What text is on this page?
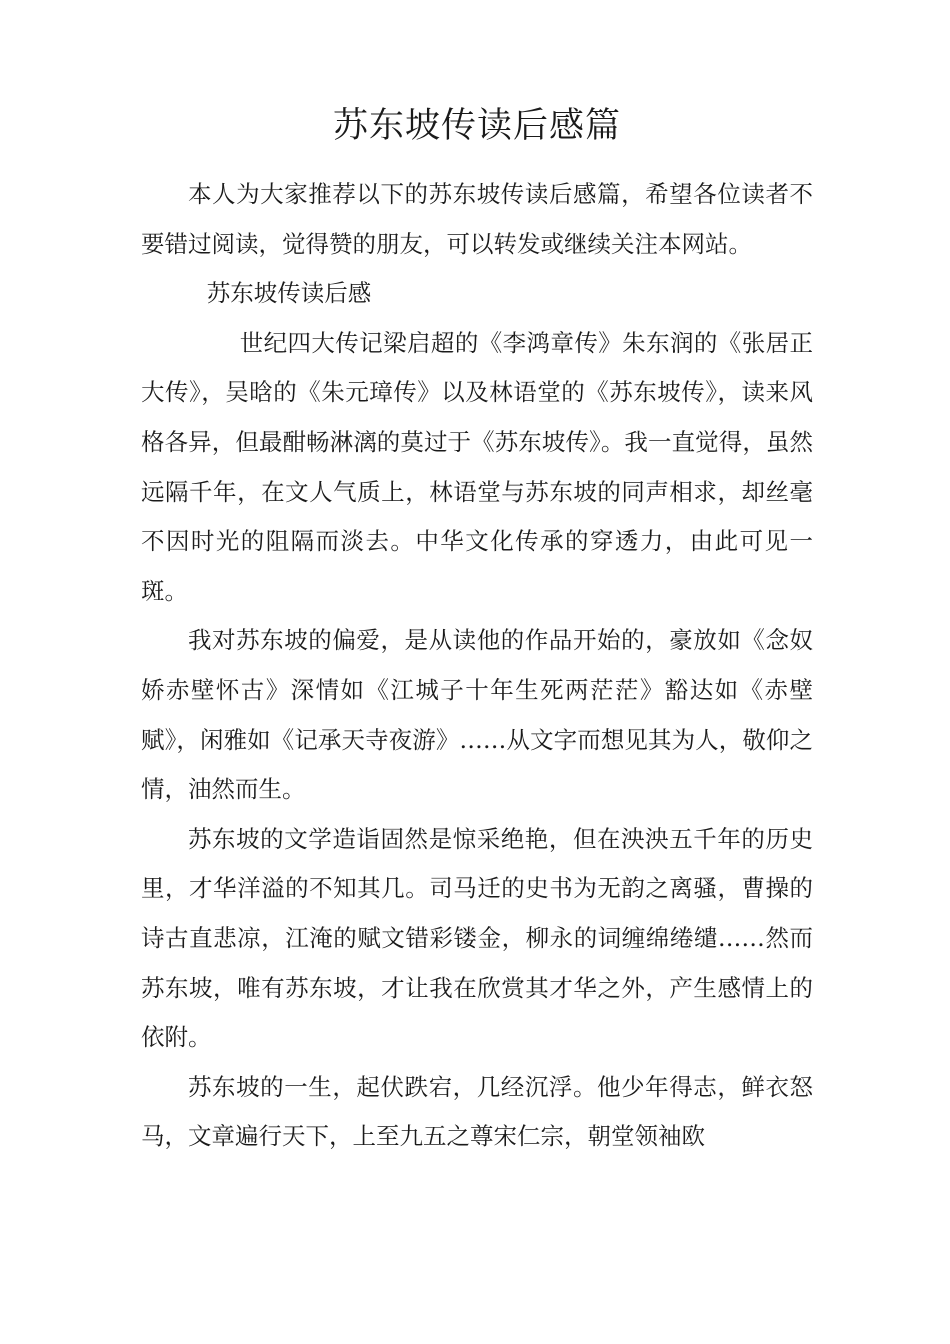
苏东坡传读后感篇

本人为大家推荐以下的苏东坡传读后感篇，希望各位读者不要错过阅读，觉得赞的朋友，可以转发或继续关注本网站。

苏东坡传读后感

世纪四大传记梁启超的《李鸿章传》朱东润的《张居正大传》，吴晗的《朱元璋传》以及林语堂的《苏东坡传》，读来风格各异，但最酣畅淋漓的莫过于《苏东坡传》。我一直觉得，虽然远隔千年，在文人气质上，林语堂与苏东坡的同声相求，却丝毫不因时光的阻隔而淡去。中华文化传承的穿透力，由此可见一斑。

我对苏东坡的偏爱，是从读他的作品开始的，豪放如《念奴娇赤壁怀古》深情如《江城子十年生死两茫茫》豁达如《赤壁赋》，闲雅如《记承天寺夜游》……从文字而想见其为人，敬仰之情，油然而生。

苏东坡的文学造诣固然是惊采绝艳，但在泱泱五千年的历史里，才华洋溢的不知其几。司马迁的史书为无韵之离骚，曹操的诗古直悲凉，江淹的赋文错彩镂金，柳永的词缠绵绻缱……然而苏东坡，唯有苏东坡，才让我在欣赏其才华之外，产生感情上的依附。

苏东坡的一生，起伏跌宕，几经沉浮。他少年得志，鲜衣怒马，文章遍行天下，上至九五之尊宋仁宗，朝堂领袖欧
